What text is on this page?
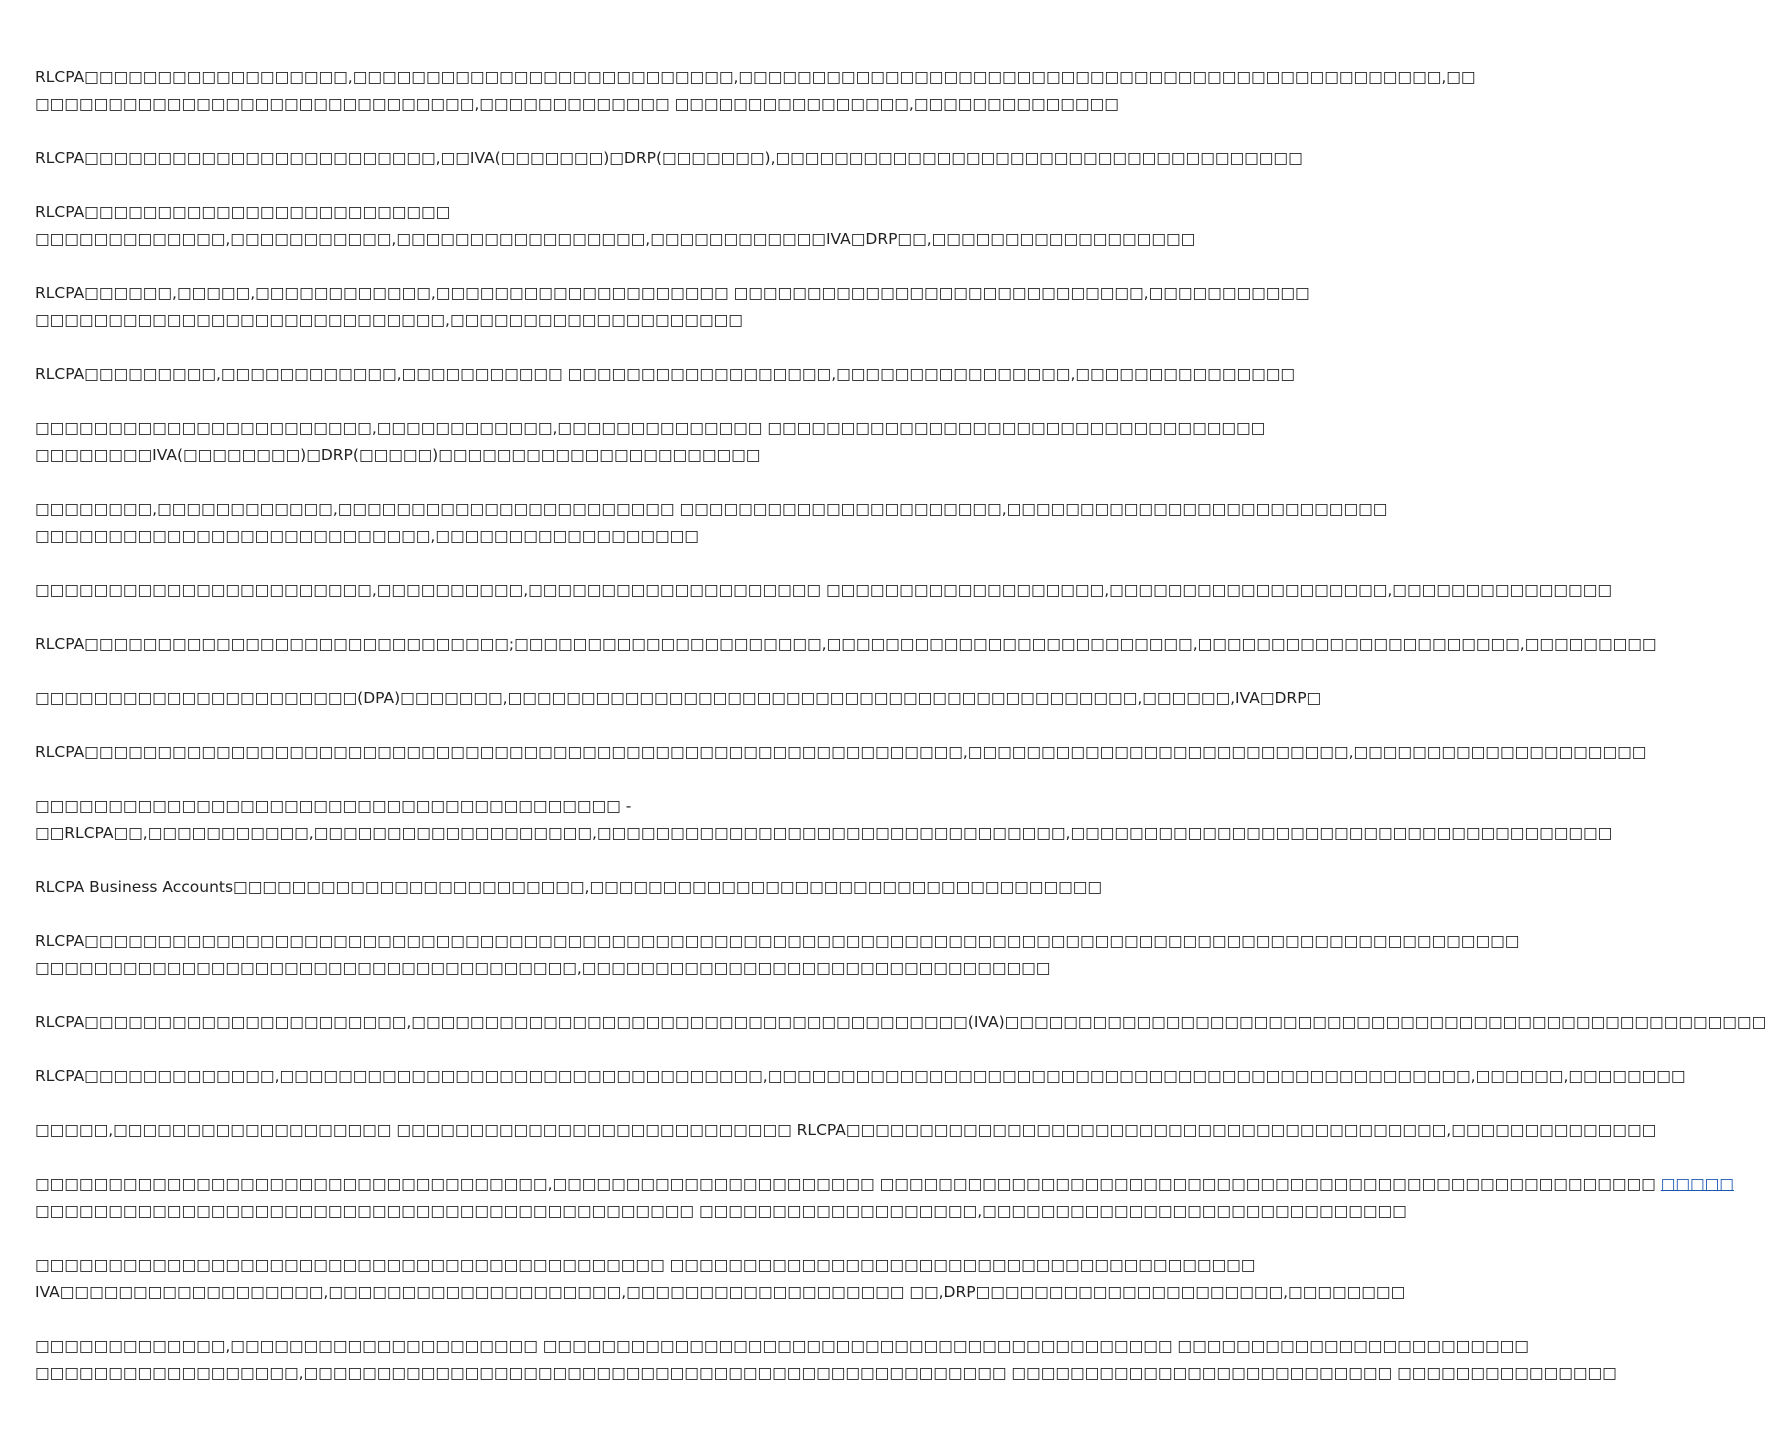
RLCPA□□□□□□□□□□□□□□□□□□,□□□□□□□□□□□□□□□□□□□□□□□□□□,□□□□□□□□□□□□□□□□□□□□□□□□□□□□□□□□□□□□□□□□□□□□□□□□,□□
□□□□□□□□□□□□□□□□□□□□□□□□□□□□□□,□□□□□□□□□□□□□ □□□□□□□□□□□□□□□□,□□□□□□□□□□□□□□

RLCPA□□□□□□□□□□□□□□□□□□□□□□□□,□□IVA(□□□□□□□)□DRP(□□□□□□□),□□□□□□□□□□□□□□□□□□□□□□□□□□□□□□□□□□□□

RLCPA□□□□□□□□□□□□□□□□□□□□□□□□□
□□□□□□□□□□□□□,□□□□□□□□□□□,□□□□□□□□□□□□□□□□□,□□□□□□□□□□□□IVA□DRP□□,□□□□□□□□□□□□□□□□□□

RLCPA□□□□□□,□□□□□,□□□□□□□□□□□□,□□□□□□□□□□□□□□□□□□□□ □□□□□□□□□□□□□□□□□□□□□□□□□□□□,□□□□□□□□□□□
□□□□□□□□□□□□□□□□□□□□□□□□□□□□,□□□□□□□□□□□□□□□□□□□□

RLCPA□□□□□□□□□,□□□□□□□□□□□□,□□□□□□□□□□□ □□□□□□□□□□□□□□□□□□,□□□□□□□□□□□□□□□□,□□□□□□□□□□□□□□□

□□□□□□□□□□□□□□□□□□□□□□□,□□□□□□□□□□□□,□□□□□□□□□□□□□□ □□□□□□□□□□□□□□□□□□□□□□□□□□□□□□□□□□
□□□□□□□□IVA(□□□□□□□□)□DRP(□□□□□)□□□□□□□□□□□□□□□□□□□□□□

□□□□□□□□,□□□□□□□□□□□□,□□□□□□□□□□□□□□□□□□□□□□□ □□□□□□□□□□□□□□□□□□□□□□,□□□□□□□□□□□□□□□□□□□□□□□□□□
□□□□□□□□□□□□□□□□□□□□□□□□□□□,□□□□□□□□□□□□□□□□□□

□□□□□□□□□□□□□□□□□□□□□□□,□□□□□□□□□□,□□□□□□□□□□□□□□□□□□□□ □□□□□□□□□□□□□□□□□□□,□□□□□□□□□□□□□□□□□□□,□□□□□□□□□□□□□□□

RLCPA□□□□□□□□□□□□□□□□□□□□□□□□□□□□□;□□□□□□□□□□□□□□□□□□□□□,□□□□□□□□□□□□□□□□□□□□□□□□□,□□□□□□□□□□□□□□□□□□□□□□,□□□□□□□□□

□□□□□□□□□□□□□□□□□□□□□□(DPA)□□□□□□□,□□□□□□□□□□□□□□□□□□□□□□□□□□□□□□□□□□□□□□□□□□□,□□□□□□,IVA□DRP□

RLCPA□□□□□□□□□□□□□□□□□□□□□□□□□□□□□□□□□□□□□□□□□□□□□□□□□□□□□□□□□□□□,□□□□□□□□□□□□□□□□□□□□□□□□□□,□□□□□□□□□□□□□□□□□□□□

□□□□□□□□□□□□□□□□□□□□□□□□□□□□□□□□□□□□□□□□ -
□□RLCPA□□,□□□□□□□□□□□,□□□□□□□□□□□□□□□□□□□,□□□□□□□□□□□□□□□□□□□□□□□□□□□□□□□□,□□□□□□□□□□□□□□□□□□□□□□□□□□□□□□□□□□□□□

RLCPA Business Accounts□□□□□□□□□□□□□□□□□□□□□□□□,□□□□□□□□□□□□□□□□□□□□□□□□□□□□□□□□□□□

RLCPA□□□□□□□□□□□□□□□□□□□□□□□□□□□□□□□□□□□□□□□□□□□□□□□□□□□□□□□□□□□□□□□□□□□□□□□□□□□□□□□□□□□□□□□□□□□□□□□□□□
□□□□□□□□□□□□□□□□□□□□□□□□□□□□□□□□□□□□□,□□□□□□□□□□□□□□□□□□□□□□□□□□□□□□□□

RLCPA□□□□□□□□□□□□□□□□□□□□□□,□□□□□□□□□□□□□□□□□□□□□□□□□□□□□□□□□□□□□□(IVA)□□□□□□□□□□□□□□□□□□□□□□□□□□□□□□□□□□□□□□□□□□□□□□□□□□□□

RLCPA□□□□□□□□□□□□□,□□□□□□□□□□□□□□□□□□□□□□□□□□□□□□□□□,□□□□□□□□□□□□□□□□□□□□□□□□□□□□□□□□□□□□□□□□□□□□□□□□,□□□□□□,□□□□□□□□

□□□□□,□□□□□□□□□□□□□□□□□□□ □□□□□□□□□□□□□□□□□□□□□□□□□□□ RLCPA□□□□□□□□□□□□□□□□□□□□□□□□□□□□□□□□□□□□□□□□□,□□□□□□□□□□□□□□

□□□□□□□□□□□□□□□□□□□□□□□□□□□□□□□□□□□,□□□□□□□□□□□□□□□□□□□□□□ □□□□□□□□□□□□□□□□□□□□□□□□□□□□□□□□□□□□□□□□□□□□□□□□□□□□□ □□□□□
□□□□□□□□□□□□□□□□□□□□□□□□□□□□□□□□□□□□□□□□□□□□□ □□□□□□□□□□□□□□□□□□□,□□□□□□□□□□□□□□□□□□□□□□□□□□□□□

□□□□□□□□□□□□□□□□□□□□□□□□□□□□□□□□□□□□□□□□□□□ □□□□□□□□□□□□□□□□□□□□□□□□□□□□□□□□□□□□□□□□
IVA□□□□□□□□□□□□□□□□□□,□□□□□□□□□□□□□□□□□□□□,□□□□□□□□□□□□□□□□□□□ □□,DRP□□□□□□□□□□□□□□□□□□□□□,□□□□□□□□

□□□□□□□□□□□□□,□□□□□□□□□□□□□□□□□□□□□ □□□□□□□□□□□□□□□□□□□□□□□□□□□□□□□□□□□□□□□□□□□ □□□□□□□□□□□□□□□□□□□□□□□□
□□□□□□□□□□□□□□□□□□,□□□□□□□□□□□□□□□□□□□□□□□□□□□□□□□□□□□□□□□□□□□□□□□□ □□□□□□□□□□□□□□□□□□□□□□□□□□ □□□□□□□□□□□□□□□
